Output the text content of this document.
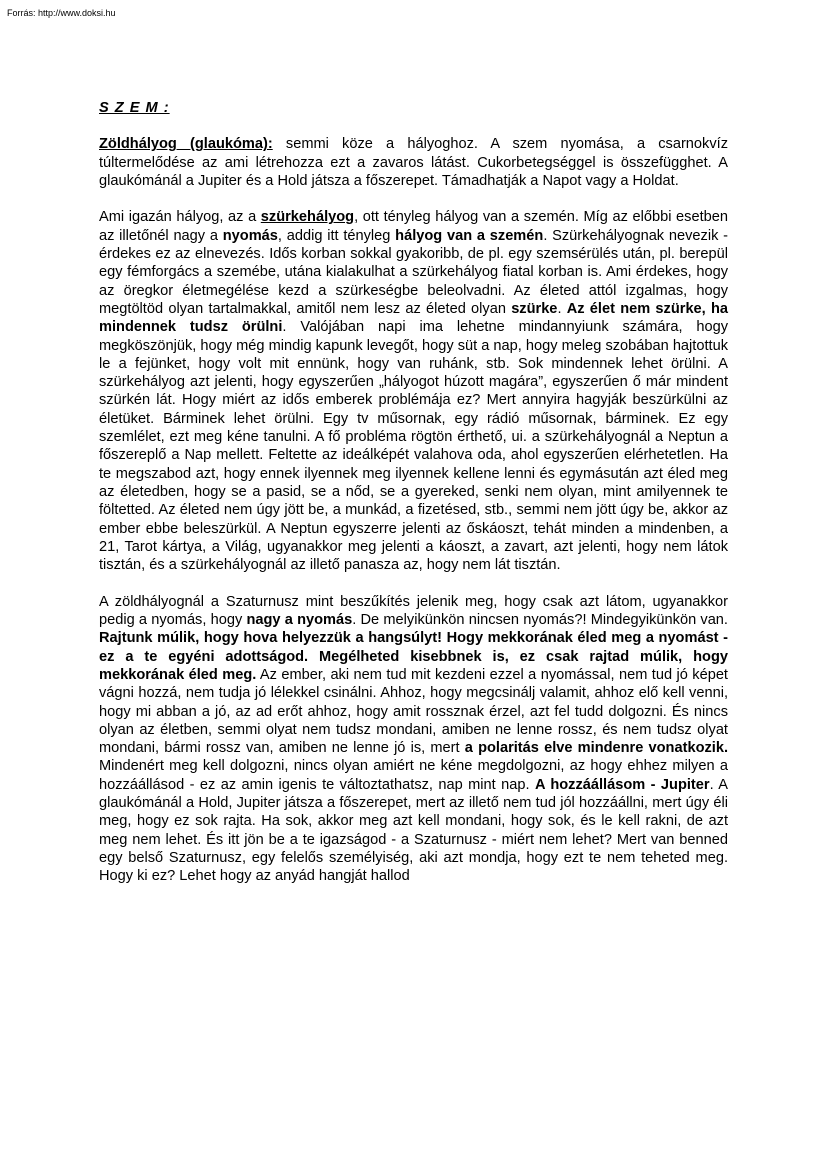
Forrás: http://www.doksi.hu
S Z E M :

Zöldhályog (glaukóma): semmi köze a hályoghoz. A szem nyomása, a csarnokvíz túltermelődése az ami létrehozza ezt a zavaros látást. Cukorbetegséggel is összefügghet. A glaukómánál a Jupiter és a Hold játsza a főszerepet. Támadhatják a Napot vagy a Holdat.

Ami igazán hályog, az a szürkehályog, ott tényleg hályog van a szemén. Míg az előbbi esetben az illetőnél nagy a nyomás, addig itt tényleg hályog van a szemén. Szürkehályognak nevezik - érdekes ez az elnevezés. Idős korban sokkal gyakoribb, de pl. egy szemsérülés után, pl. berepül egy fémforgács a szemébe, utána kialakulhat a szürkehályog fiatal korban is. Ami érdekes, hogy az öregkor életmegélése kezd a szürkeségbe beleolvadni. Az életed attól izgalmas, hogy megtöltöd olyan tartalmakkal, amitől nem lesz az életed olyan szürke. Az élet nem szürke, ha mindennek tudsz örülni. Valójában napi ima lehetne mindannyiunk számára, hogy megköszönjük, hogy még mindig kapunk levegőt, hogy süt a nap, hogy meleg szobában hajtottuk le a fejünket, hogy volt mit ennünk, hogy van ruhánk, stb. Sok mindennek lehet örülni. A szürkehályog azt jelenti, hogy egyszerűen „hályogot húzott magára”, egyszerűen ő már mindent szürkén lát. Hogy miért az idős emberek problémája ez? Mert annyira hagyják beszürkülni az életüket. Bárminek lehet örülni. Egy tv műsornak, egy rádió műsornak, bárminek. Ez egy szemlélet, ezt meg kéne tanulni. A fő probléma rögtön érthető, ui. a szürkehályognál a Neptun a főszereplő a Nap mellett. Feltette az ideálképét valahova oda, ahol egyszerűen elérhetetlen. Ha te megszabod azt, hogy ennek ilyennek meg ilyennek kellene lenni és egymásután azt éled meg az életedben, hogy se a pasid, se a nőd, se a gyereked, senki nem olyan, mint amilyennek te föltetted. Az életed nem úgy jött be, a munkád, a fizetésed, stb., semmi nem jött úgy be, akkor az ember ebbe beleszürkül. A Neptun egyszerre jelenti az őskáoszt, tehát minden a mindenben, a 21, Tarot kártya, a Világ, ugyanakkor meg jelenti a káoszt, a zavart, azt jelenti, hogy nem látok tisztán, és a szürkehályognál az illető panasza az, hogy nem lát tisztán.

A zöldhályognál a Szaturnusz mint beszűkítés jelenik meg, hogy csak azt látom, ugyanakkor pedig a nyomás, hogy nagy a nyomás. De melyikünkön nincsen nyomás?! Mindegyikünkön van. Rajtunk múlik, hogy hova helyezzük a hangsúlyt! Hogy mekkorának éled meg a nyomást - ez a te egyéni adottságod. Megélheted kisebbnek is, ez csak rajtad múlik, hogy mekkorának éled meg. Az ember, aki nem tud mit kezdeni ezzel a nyomással, nem tud jó képet vágni hozzá, nem tudja jó lélekkel csinálni. Ahhoz, hogy megcsinálj valamit, ahhoz elő kell venni, hogy mi abban a jó, az ad erőt ahhoz, hogy amit rossznak érzel, azt fel tudd dolgozni. És nincs olyan az életben, semmi olyat nem tudsz mondani, amiben ne lenne rossz, és nem tudsz olyat mondani, bármi rossz van, amiben ne lenne jó is, mert a polaritás elve mindenre vonatkozik. Mindenért meg kell dolgozni, nincs olyan amiért ne kéne megdolgozni, az hogy ehhez milyen a hozzáállásod - ez az amin igenis te változtathatsz, nap mint nap. A hozzáállásom - Jupiter. A glaukómánál a Hold, Jupiter játsza a főszerepet, mert az illető nem tud jól hozzáállni, mert úgy éli meg, hogy ez sok rajta. Ha sok, akkor meg azt kell mondani, hogy sok, és le kell rakni, de azt meg nem lehet. És itt jön be a te igazságod - a Szaturnusz - miért nem lehet? Mert van benned egy belső Szaturnusz, egy felelős személyiség, aki azt mondja, hogy ezt te nem teheted meg. Hogy ki ez? Lehet hogy az anyád hangját hallod
